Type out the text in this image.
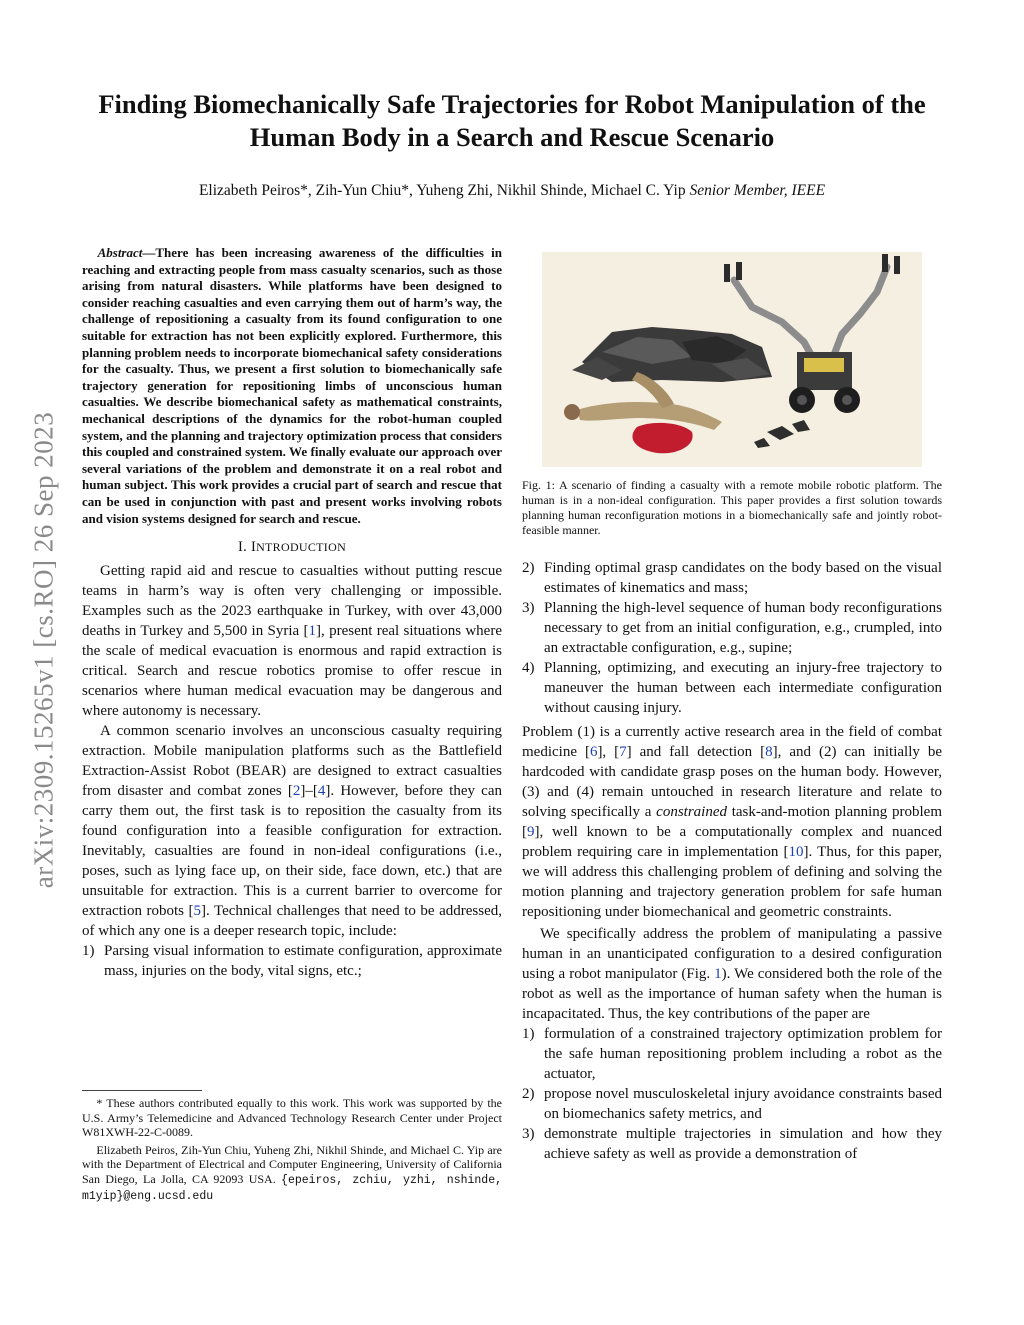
arXiv:2309.15265v1 [cs.RO] 26 Sep 2023
Finding Biomechanically Safe Trajectories for Robot Manipulation of the Human Body in a Search and Rescue Scenario

Elizabeth Peiros*, Zih-Yun Chiu*, Yuheng Zhi, Nikhil Shinde, Michael C. Yip Senior Member, IEEE

Abstract—There has been increasing awareness of the difficulties in reaching and extracting people from mass casualty scenarios, such as those arising from natural disasters. While platforms have been designed to consider reaching casualties and even carrying them out of harm’s way, the challenge of repositioning a casualty from its found configuration to one suitable for extraction has not been explicitly explored. Furthermore, this planning problem needs to incorporate biomechanical safety considerations for the casualty. Thus, we present a first solution to biomechanically safe trajectory generation for repositioning limbs of unconscious human casualties. We describe biomechanical safety as mathematical constraints, mechanical descriptions of the dynamics for the robot-human coupled system, and the planning and trajectory optimization process that considers this coupled and constrained system. We finally evaluate our approach over several variations of the problem and demonstrate it on a real robot and human subject. This work provides a crucial part of search and rescue that can be used in conjunction with past and present works involving robots and vision systems designed for search and rescue.

I. INTRODUCTION

Getting rapid aid and rescue to casualties without putting rescue teams in harm’s way is often very challenging or impossible. Examples such as the 2023 earthquake in Turkey, with over 43,000 deaths in Turkey and 5,500 in Syria [1], present real situations where the scale of medical evacuation is enormous and rapid extraction is critical. Search and rescue robotics promise to offer rescue in scenarios where human medical evacuation may be dangerous and where autonomy is necessary.

A common scenario involves an unconscious casualty requiring extraction. Mobile manipulation platforms such as the Battlefield Extraction-Assist Robot (BEAR) are designed to extract casualties from disaster and combat zones [2]–[4]. However, before they can carry them out, the first task is to reposition the casualty from its found configuration into a feasible configuration for extraction. Inevitably, casualties are found in non-ideal configurations (i.e., poses, such as lying face up, on their side, face down, etc.) that are unsuitable for extraction. This is a current barrier to overcome for extraction robots [5]. Technical challenges that need to be addressed, of which any one is a deeper research topic, include:

1) Parsing visual information to estimate configuration, approximate mass, injuries on the body, vital signs, etc.;

* These authors contributed equally to this work. This work was supported by the U.S. Army’s Telemedicine and Advanced Technology Research Center under Project W81XWH-22-C-0089.

Elizabeth Peiros, Zih-Yun Chiu, Yuheng Zhi, Nikhil Shinde, and Michael C. Yip are with the Department of Electrical and Computer Engineering, University of California San Diego, La Jolla, CA 92093 USA. {epeiros, zchiu, yzhi, nshinde, m1yip}@eng.ucsd.edu

Fig. 1: A scenario of finding a casualty with a remote mobile robotic platform. The human is in a non-ideal configuration. This paper provides a first solution towards planning human reconfiguration motions in a biomechanically safe and jointly robot-feasible manner.

2) Finding optimal grasp candidates on the body based on the visual estimates of kinematics and mass;
3) Planning the high-level sequence of human body reconfigurations necessary to get from an initial configuration, e.g., crumpled, into an extractable configuration, e.g., supine;
4) Planning, optimizing, and executing an injury-free trajectory to maneuver the human between each intermediate configuration without causing injury.

Problem (1) is a currently active research area in the field of combat medicine [6], [7] and fall detection [8], and (2) can initially be hardcoded with candidate grasp poses on the human body. However, (3) and (4) remain untouched in research literature and relate to solving specifically a constrained task-and-motion planning problem [9], well known to be a computationally complex and nuanced problem requiring care in implementation [10]. Thus, for this paper, we will address this challenging problem of defining and solving the motion planning and trajectory generation problem for safe human repositioning under biomechanical and geometric constraints.

We specifically address the problem of manipulating a passive human in an unanticipated configuration to a desired configuration using a robot manipulator (Fig. 1). We considered both the role of the robot as well as the importance of human safety when the human is incapacitated. Thus, the key contributions of the paper are

1) formulation of a constrained trajectory optimization problem for the safe human repositioning problem including a robot as the actuator,
2) propose novel musculoskeletal injury avoidance constraints based on biomechanics safety metrics, and
3) demonstrate multiple trajectories in simulation and how they achieve safety as well as provide a demonstration of
